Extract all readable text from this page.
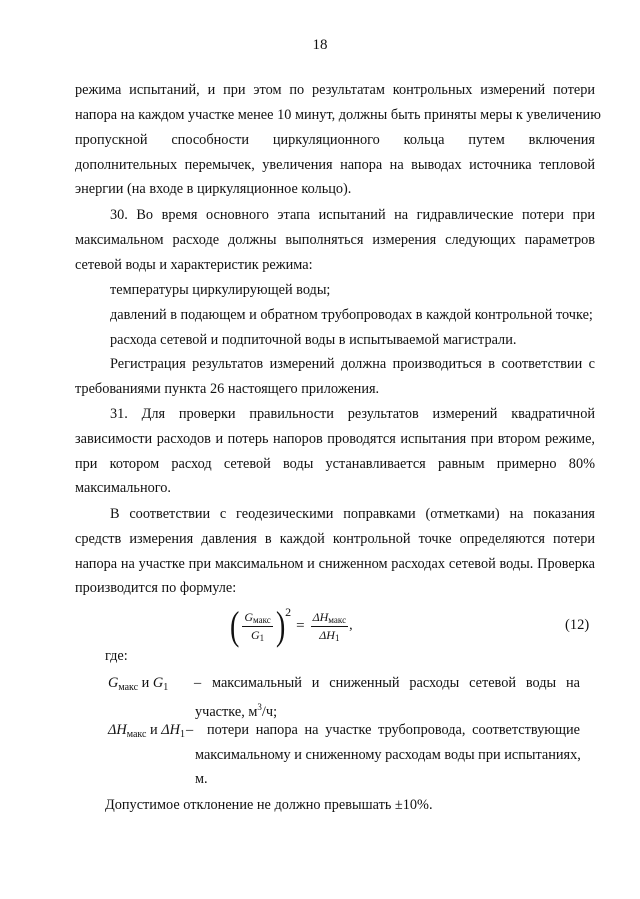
18
режима испытаний, и при этом по результатам контрольных измерений потери
напора на каждом участке менее 10 минут, должны быть приняты меры к увеличению
пропускной способности циркуляционного кольца путем включения
дополнительных перемычек, увеличения напора на выводах источника тепловой
энергии (на входе в циркуляционное кольцо).
30. Во время основного этапа испытаний на гидравлические потери при
максимальном расходе должны выполняться измерения следующих параметров
сетевой воды и характеристик режима:
температуры циркулирующей воды;
давлений в подающем и обратном трубопроводах в каждой контрольной точке;
расхода сетевой и подпиточной воды в испытываемой магистрали.
Регистрация результатов измерений должна производиться в соответствии с
требованиями пункта 26 настоящего приложения.
31. Для проверки правильности результатов измерений квадратичной
зависимости расходов и потерь напоров проводятся испытания при втором режиме,
при котором расход сетевой воды устанавливается равным примерно 80%
максимального.
В соответствии с геодезическими поправками (отметками) на показания
средств измерения давления в каждой контрольной точке определяются потери
напора на участке при максимальном и сниженном расходах сетевой воды. Проверка
производится по формуле:
( $\frac{G_{макс}}{G_1}$ ) 2
= $\frac{\Delta H_{макс}}{\Delta H_1}$ ,	(12)
где:
$G_{макс}$ и $G_1$	– максимальный и сниженный расходы сетевой воды на
участке, $м^3/ч$;
$\Delta H_{макс}$ и $\Delta H_1$ – потери напора на участке трубопровода, соответствующие
максимальному и сниженному расходам воды при испытаниях,
м.
Допустимое отклонение не должно превышать ±10%.
